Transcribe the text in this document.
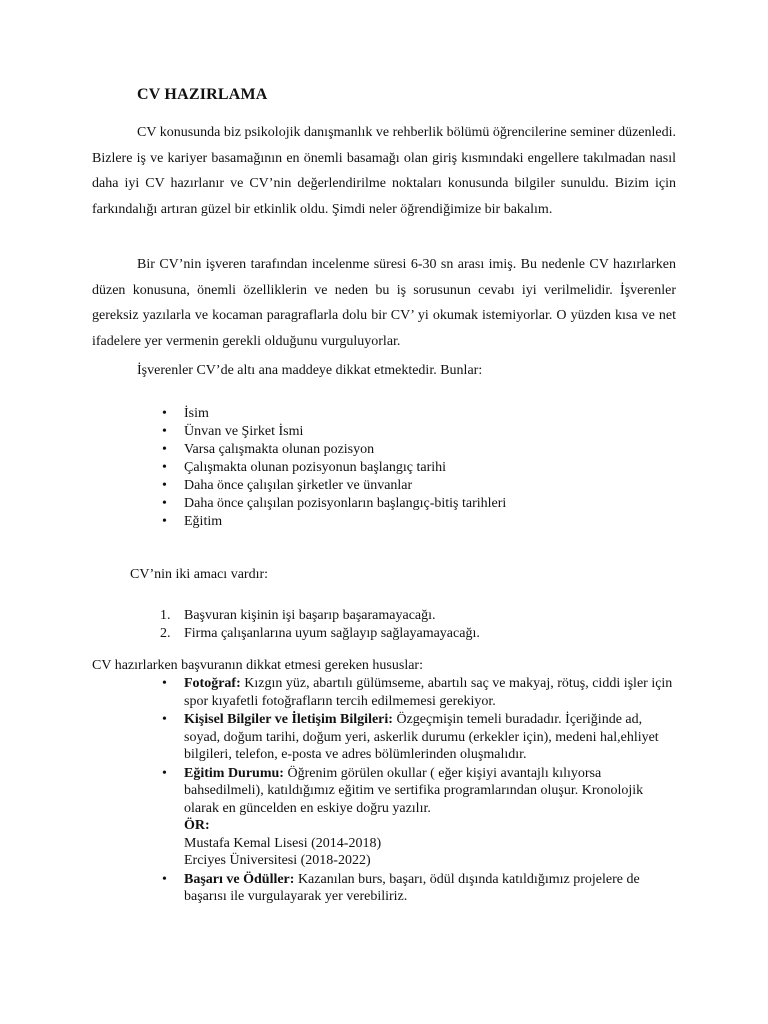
CV HAZIRLAMA

CV konusunda biz psikolojik danışmanlık ve rehberlik bölümü öğrencilerine seminer düzenledi. Bizlere iş ve kariyer basamağının en önemli basamağı olan giriş kısmındaki engellere takılmadan nasıl daha iyi CV hazırlanır ve CV’nin değerlendirilme noktaları konusunda bilgiler sunuldu. Bizim için farkındalığı artıran güzel bir etkinlik oldu. Şimdi neler öğrendiğimize bir bakalım.

Bir CV’nin işveren tarafından incelenme süresi 6-30 sn arası imiş. Bu nedenle CV hazırlarken düzen konusuna, önemli özelliklerin ve neden bu iş sorusunun cevabı iyi verilmelidir. İşverenler gereksiz yazılarla ve kocaman paragraflarla dolu bir CV’ yi okumak istemiyorlar. O yüzden kısa ve net ifadelere yer vermenin gerekli olduğunu vurguluyorlar.

İşverenler CV’de altı ana maddeye dikkat etmektedir. Bunlar:

• İsim
• Ünvan ve Şirket İsmi
• Varsa çalışmakta olunan pozisyon
• Çalışmakta olunan pozisyonun başlangıç tarihi
• Daha önce çalışılan şirketler ve ünvanlar
• Daha önce çalışılan pozisyonların başlangıç-bitiş tarihleri
• Eğitim

CV’nin iki amacı vardır:

1. Başvuran kişinin işi başarıp başaramayacağı.
2. Firma çalışanlarına uyum sağlayıp sağlayamayacağı.

CV hazırlarken başvuranın dikkat etmesi gereken hususlar:

• Fotoğraf: Kızgın yüz, abartılı gülümseme, abartılı saç ve makyaj, rötuş, ciddi işler için spor kıyafetli fotoğrafların tercih edilmemesi gerekiyor.
• Kişisel Bilgiler ve İletişim Bilgileri: Özgeçmişin temeli buradadır. İçeriğinde ad, soyad, doğum tarihi, doğum yeri, askerlik durumu (erkekler için), medeni hal,ehliyet bilgileri, telefon, e-posta ve adres bölümlerinden oluşmalıdır.
• Eğitim Durumu: Öğrenim görülen okullar ( eğer kişiyi avantajlı kılıyorsa bahsedilmeli), katıldığımız eğitim ve sertifika programlarından oluşur. Kronolojik olarak en güncelden en eskiye doğru yazılır.
ÖR:
Mustafa Kemal Lisesi (2014-2018)
Erciyes Üniversitesi (2018-2022)
• Başarı ve Ödüller: Kazanılan burs, başarı, ödül dışında katıldığımız projelere de başarısı ile vurgulayarak yer verebiliriz.
